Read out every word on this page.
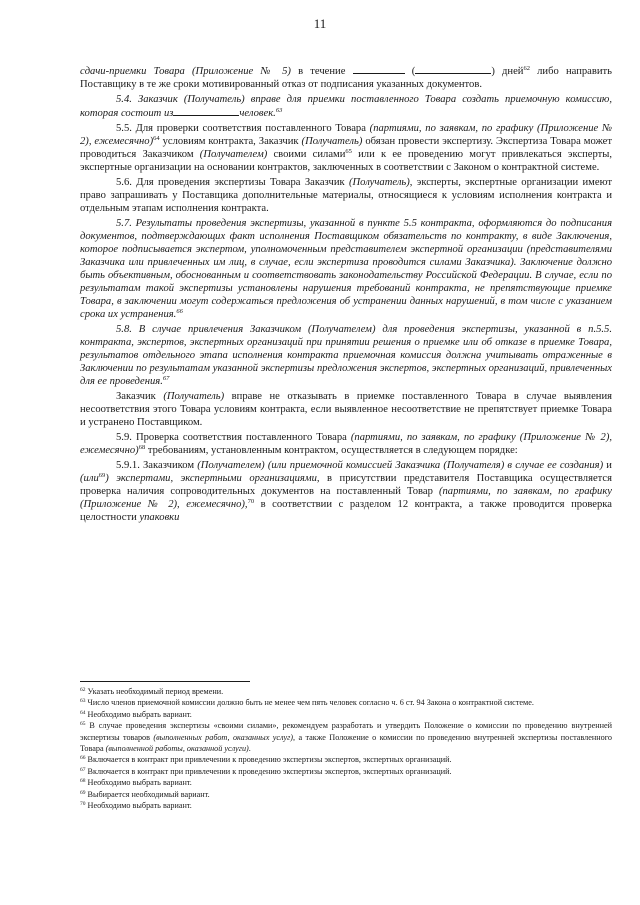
11

сдачи-приемки Товара (Приложение № 5) в течение	(	) дней$^{62}$ либо направить Поставщику в те же сроки мотивированный отказ от подписания указанных документов.

5.4. Заказчик (Получатель) вправе для приемки поставленного Товара создать приемочную комиссию, которая состоит из	человек.$^{63}$

5.5. Для проверки соответствия поставленного Товара (партиями, по заявкам, по графику (Приложение № 2), ежемесячно)$^{64}$ условиям контракта, Заказчик (Получатель) обязан провести экспертизу. Экспертиза Товара может проводиться Заказчиком (Получателем) своими силами$^{65}$ или к ее проведению могут привлекаться эксперты, экспертные организации на основании контрактов, заключенных в соответствии с Законом о контрактной системе.

5.6. Для проведения экспертизы Товара Заказчик (Получатель), эксперты, экспертные организации имеют право запрашивать у Поставщика дополнительные материалы, относящиеся к условиям исполнения контракта и отдельным этапам исполнения контракта.

5.7. Результаты проведения экспертизы, указанной в пункте 5.5 контракта, оформляются до подписания документов, подтверждающих факт исполнения Поставщиком обязательств по контракту, в виде Заключения, которое подписывается экспертом, уполномоченным представителем экспертной организации (представителями Заказчика или привлеченных им лиц, в случае, если экспертиза проводится силами Заказчика). Заключение должно быть объективным, обоснованным и соответствовать законодательству Российской Федерации. В случае, если по результатам такой экспертизы установлены нарушения требований контракта, не препятствующие приемке Товара, в заключении могут содержаться предложения об устранении данных нарушений, в том числе с указанием срока их устранения.$^{66}$

5.8. В случае привлечения Заказчиком (Получателем) для проведения экспертизы, указанной в п.5.5. контракта, экспертов, экспертных организаций при принятии решения о приемке или об отказе в приемке Товара, результатов отдельного этапа исполнения контракта приемочная комиссия должна учитывать отраженные в Заключении по результатам указанной экспертизы предложения экспертов, экспертных организаций, привлеченных для ее проведения.$^{67}$

Заказчик (Получатель) вправе не отказывать в приемке поставленного Товара в случае выявления несоответствия этого Товара условиям контракта, если выявленное несоответствие не препятствует приемке Товара и устранено Поставщиком.

5.9. Проверка соответствия поставленного Товара (партиями, по заявкам, по графику (Приложение № 2), ежемесячно)$^{68}$ требованиям, установленным контрактом, осуществляется в следующем порядке:

5.9.1. Заказчиком (Получателем) (или приемочной комиссией Заказчика (Получателя) в случае ее создания) и (или$^{69}$) экспертами, экспертными организациями, в присутствии представителя Поставщика осуществляется проверка наличия сопроводительных документов на поставленный Товар (партиями, по заявкам, по графику (Приложение № 2), ежемесячно),$^{70}$ в соответствии с разделом 12 контракта, а также проводится проверка целостности упаковки

$^{62}$ Указать необходимый период времени.

$^{63}$ Число членов приемочной комиссии должно быть не менее чем пять человек согласно ч. 6 ст. 94 Закона о контрактной системе.

$^{64}$ Необходимо выбрать вариант.

$^{65}$ В случае проведения экспертизы «своими силами», рекомендуем разработать и утвердить Положение о комиссии по проведению внутренней экспертизы товаров (выполненных работ, оказанных услуг), а также Положение о комиссии по проведению внутренней экспертизы поставленного Товара (выполненной работы, оказанной услуги).

$^{66}$ Включается в контракт при привлечении к проведению экспертизы экспертов, экспертных организаций.

$^{67}$ Включается в контракт при привлечении к проведению экспертизы экспертов, экспертных организаций.

$^{68}$ Необходимо выбрать вариант.

$^{69}$ Выбирается необходимый вариант.

$^{70}$ Необходимо выбрать вариант.
